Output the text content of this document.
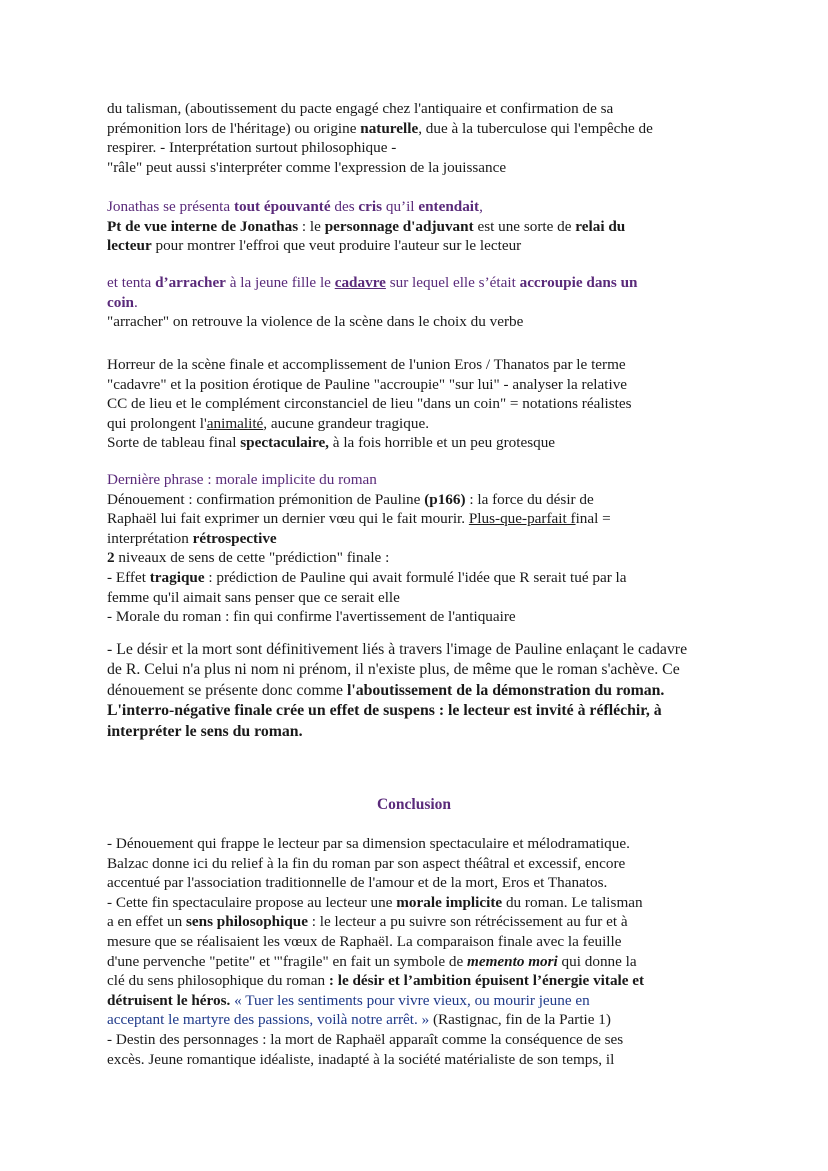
du talisman, (aboutissement du pacte engagé chez l'antiquaire et confirmation de sa

prémonition lors de l'héritage) ou origine naturelle, due à la tuberculose qui l'empêche de

respirer. - Interprétation surtout philosophique -

"râle" peut aussi s'interpréter comme l'expression de la jouissance

Jonathas se présenta tout épouvanté des cris qu’il entendait,

Pt de vue interne de Jonathas : le personnage d'adjuvant est une sorte de relai du

lecteur pour montrer l'effroi que veut produire l'auteur sur le lecteur

et tenta d’arracher à la jeune fille le cadavre sur lequel elle s’était accroupie dans un

coin.

"arracher" on retrouve la violence de la scène dans le choix du verbe

Horreur de la scène finale et accomplissement de l'union Eros / Thanatos par le terme

"cadavre" et la position érotique de Pauline "accroupie" "sur lui" - analyser la relative

CC de lieu et le complément circonstanciel de lieu "dans un coin" = notations réalistes

qui prolongent l'animalité, aucune grandeur tragique.

Sorte de tableau final spectaculaire, à la fois horrible et un peu grotesque

Dernière phrase : morale implicite du roman

Dénouement : confirmation prémonition de Pauline (p166) : la force du désir de

Raphaël lui fait exprimer un dernier vœu qui le fait mourir. Plus-que-parfait final =

interprétation rétrospective

2 niveaux de sens de cette "prédiction" finale :

- Effet tragique : prédiction de Pauline qui avait formulé l'idée que R serait tué par la

femme qu'il aimait sans penser que ce serait elle

- Morale du roman : fin qui confirme l'avertissement de l'antiquaire

- Le désir et la mort sont définitivement liés à travers l'image de Pauline enlaçant le cadavre

de R. Celui n'a plus ni nom ni prénom, il n'existe plus, de même que le roman s'achève. Ce

dénouement se présente donc comme l'aboutissement de la démonstration du roman.

L'interro-négative finale crée un effet de suspens : le lecteur est invité à réfléchir, à

interpréter le sens du roman.

Conclusion

- Dénouement qui frappe le lecteur par sa dimension spectaculaire et mélodramatique.

Balzac donne ici du relief à la fin du roman par son aspect théâtral et excessif, encore

accentué par l'association traditionnelle de l'amour et de la mort, Eros et Thanatos.

- Cette fin spectaculaire propose au lecteur une morale implicite du roman. Le talisman

a en effet un sens philosophique : le lecteur a pu suivre son rétrécissement au fur et à

mesure que se réalisaient les vœux de Raphaël. La comparaison finale avec la feuille

d'une pervenche "petite" et '"fragile" en fait un symbole de memento mori qui donne la

clé du sens philosophique du roman : le désir et l’ambition épuisent l’énergie vitale et

détruisent le héros. « Tuer les sentiments pour vivre vieux, ou mourir jeune en

acceptant le martyre des passions, voilà notre arrêt. » (Rastignac, fin de la Partie 1)

- Destin des personnages : la mort de Raphaël apparaît comme la conséquence de ses

excès. Jeune romantique idéaliste, inadapté à la société matérialiste de son temps, il
